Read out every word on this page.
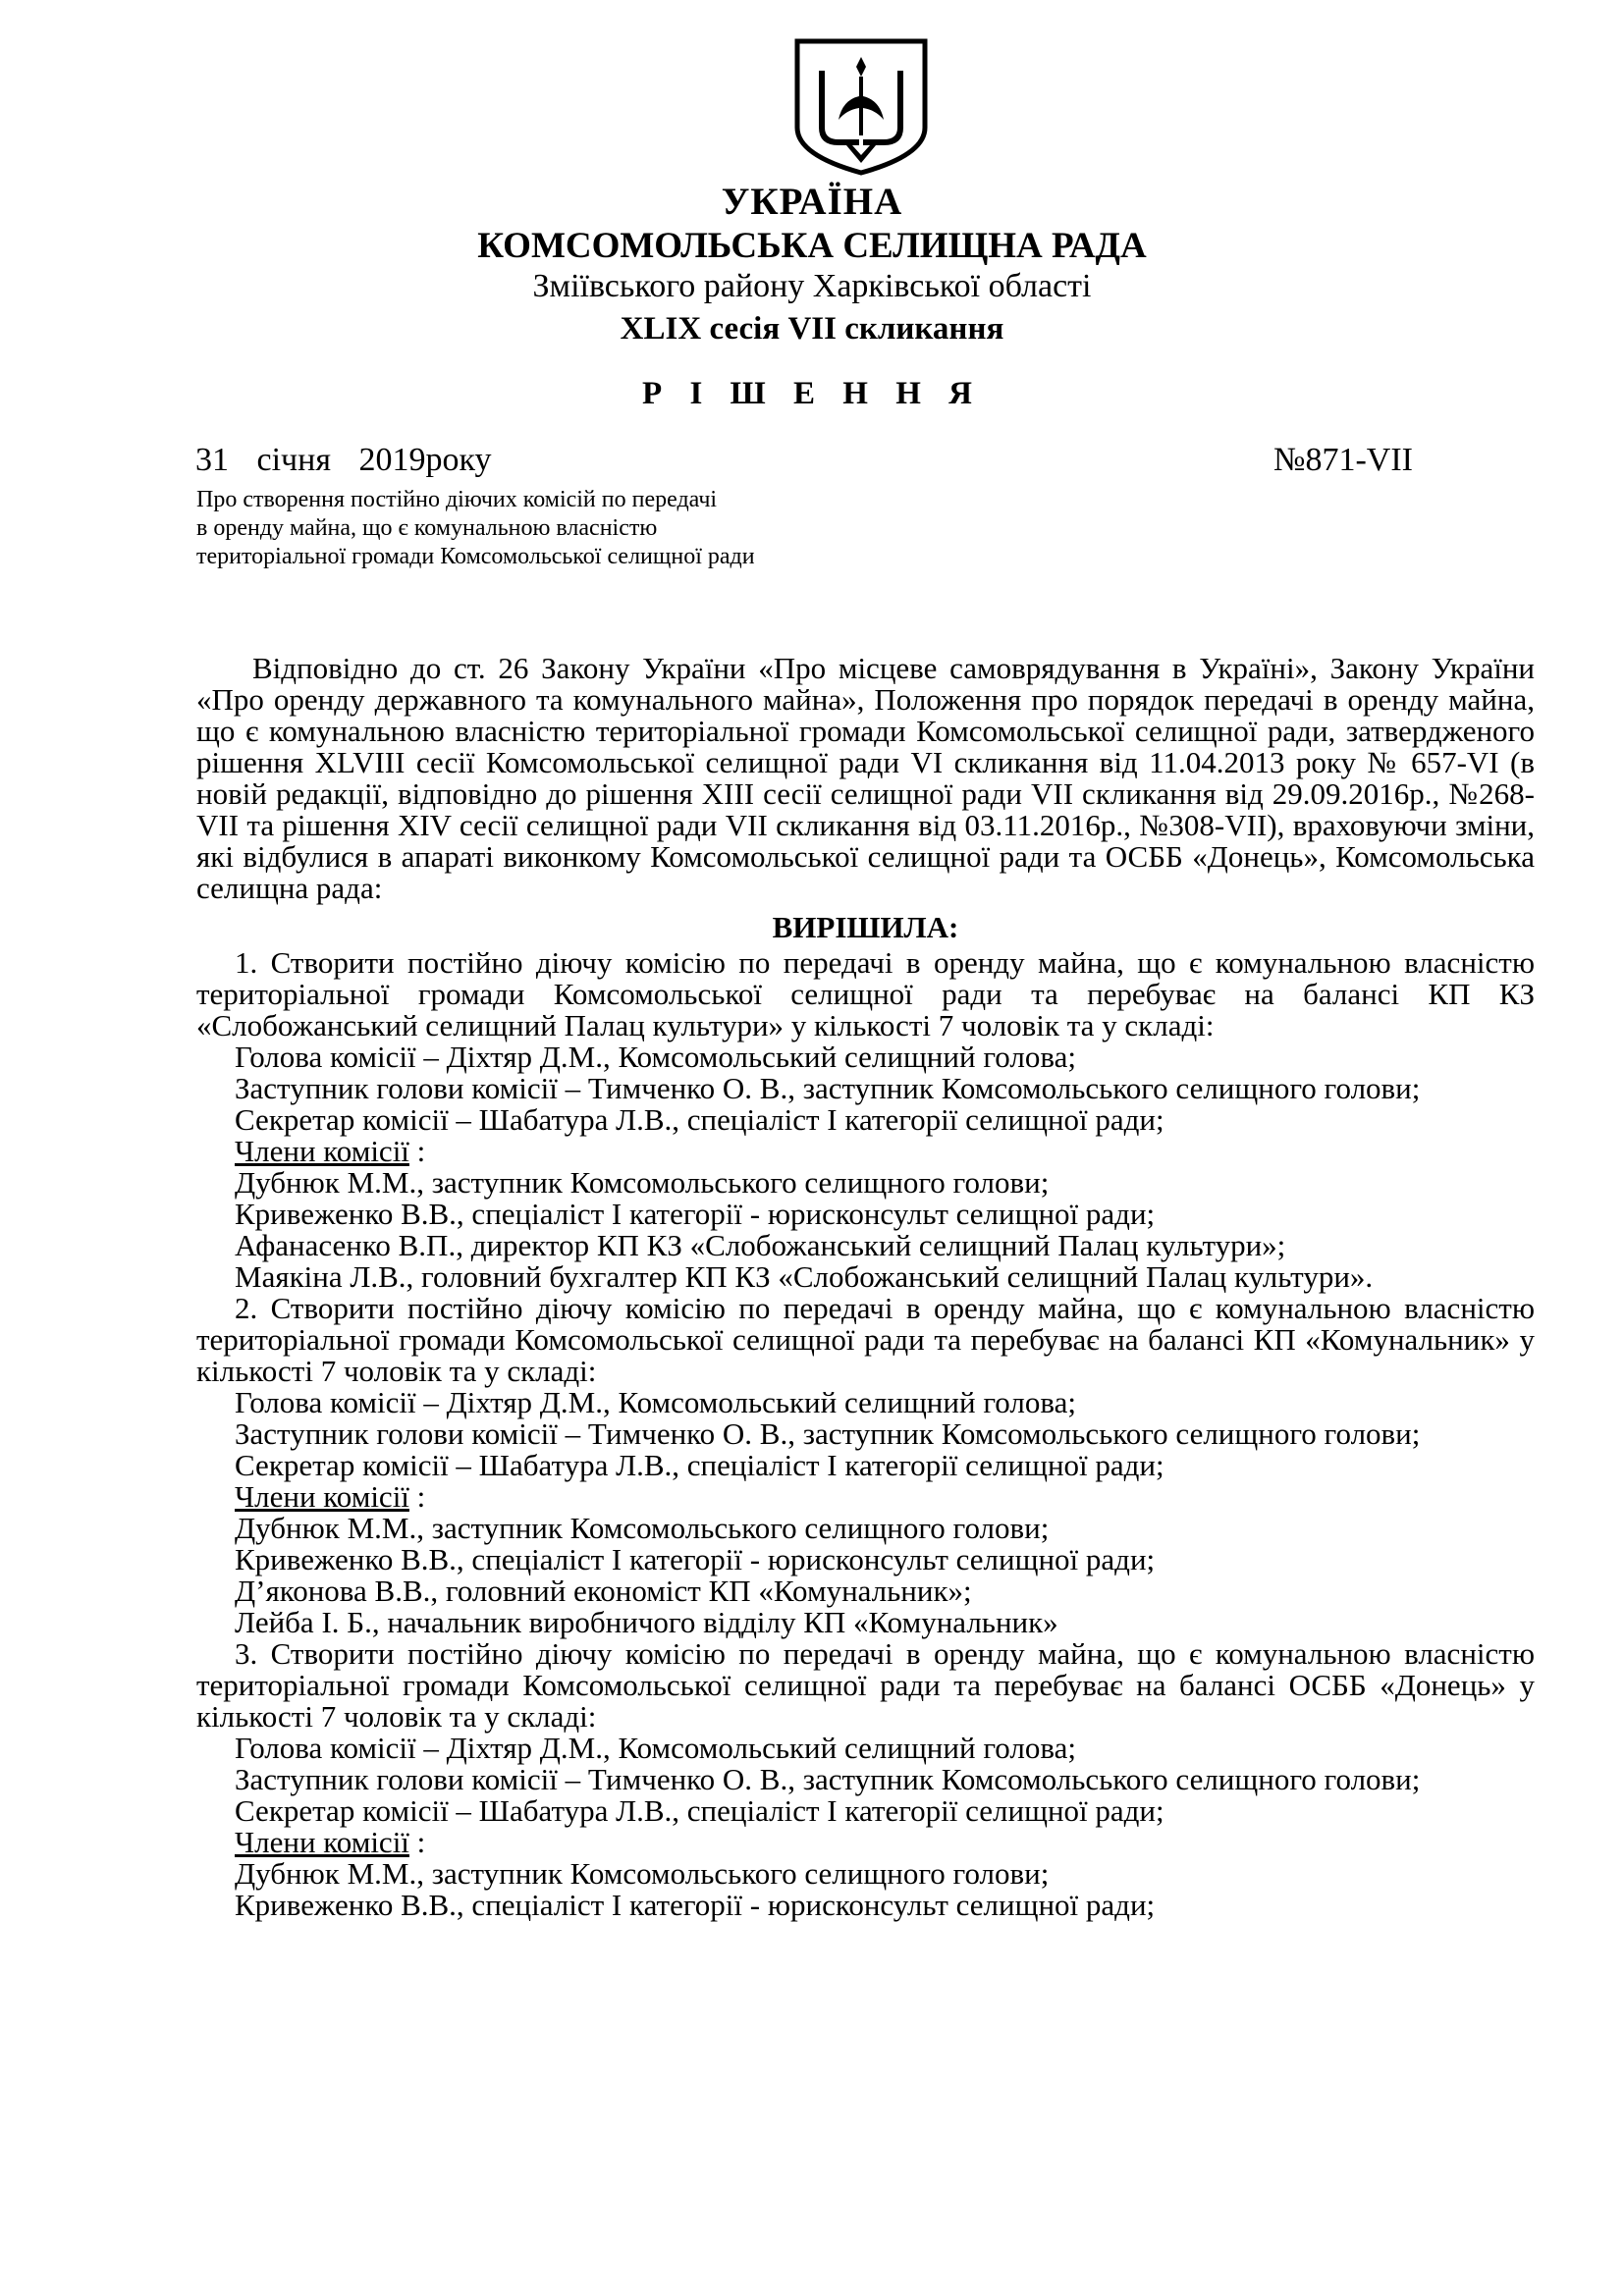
УКРАЇНА
КОМСОМОЛЬСЬКА СЕЛИЩНА РАДА
Зміївського району Харківської області
XLIX сесія VII скликання
Р І Ш Е Н Н Я
31 січня 2019року	№871-VII
Про створення постійно діючих комісій по передачі
в оренду майна, що є комунальною власністю
територіальної громади Комсомольської селищної ради

Відповідно до ст. 26 Закону України «Про місцеве самоврядування в Україні», Закону України «Про оренду державного та комунального майна», Положення про порядок передачі в оренду майна, що є комунальною власністю територіальної громади Комсомольської селищної ради, затвердженого рішення XLVIII сесії Комсомольської селищної ради VI скликання від 11.04.2013 року № 657-VI (в новій редакції, відповідно до рішення XIII сесії селищної ради VII скликання від 29.09.2016р., №268-VII та рішення XIV сесії селищної ради VII скликання від 03.11.2016р., №308-VII), враховуючи зміни, які відбулися в апараті виконкому Комсомольської селищної ради та ОСББ «Донець», Комсомольська селищна рада:

ВИРІШИЛА:

1. Створити постійно діючу комісію по передачі в оренду майна, що є комунальною власністю територіальної громади Комсомольської селищної ради та перебуває на балансі КП КЗ «Слобожанський селищний Палац культури» у кількості 7 чоловік та у складі:

Голова комісії – Діхтяр Д.М., Комсомольський селищний голова;

Заступник голови комісії – Тимченко О. В., заступник Комсомольського селищного голови;

Секретар комісії – Шабатура Л.В., спеціаліст І категорії селищної ради;

Члени комісії :

Дубнюк М.М., заступник Комсомольського селищного голови;

Кривеженко В.В., спеціаліст І категорії - юрисконсульт селищної ради;

Афанасенко В.П., директор КП КЗ «Слобожанський селищний Палац культури»;

Маякіна Л.В., головний бухгалтер КП КЗ «Слобожанський селищний Палац культури».

2. Створити постійно діючу комісію по передачі в оренду майна, що є комунальною власністю територіальної громади Комсомольської селищної ради та перебуває на балансі КП «Комунальник» у кількості 7 чоловік та у складі:

Голова комісії – Діхтяр Д.М., Комсомольський селищний голова;

Заступник голови комісії – Тимченко О. В., заступник Комсомольського селищного голови;

Секретар комісії – Шабатура Л.В., спеціаліст І категорії селищної ради;

Члени комісії :

Дубнюк М.М., заступник Комсомольського селищного голови;

Кривеженко В.В., спеціаліст І категорії - юрисконсульт селищної ради;

Д’яконова В.В., головний економіст КП «Комунальник»;

Лейба І. Б., начальник виробничого відділу КП «Комунальник»

3. Створити постійно діючу комісію по передачі в оренду майна, що є комунальною власністю територіальної громади Комсомольської селищної ради та перебуває на балансі ОСББ «Донець» у кількості 7 чоловік та у складі:

Голова комісії – Діхтяр Д.М., Комсомольський селищний голова;

Заступник голови комісії – Тимченко О. В., заступник Комсомольського селищного голови;

Секретар комісії – Шабатура Л.В., спеціаліст І категорії селищної ради;

Члени комісії :

Дубнюк М.М., заступник Комсомольського селищного голови;

Кривеженко В.В., спеціаліст І категорії - юрисконсульт селищної ради;
